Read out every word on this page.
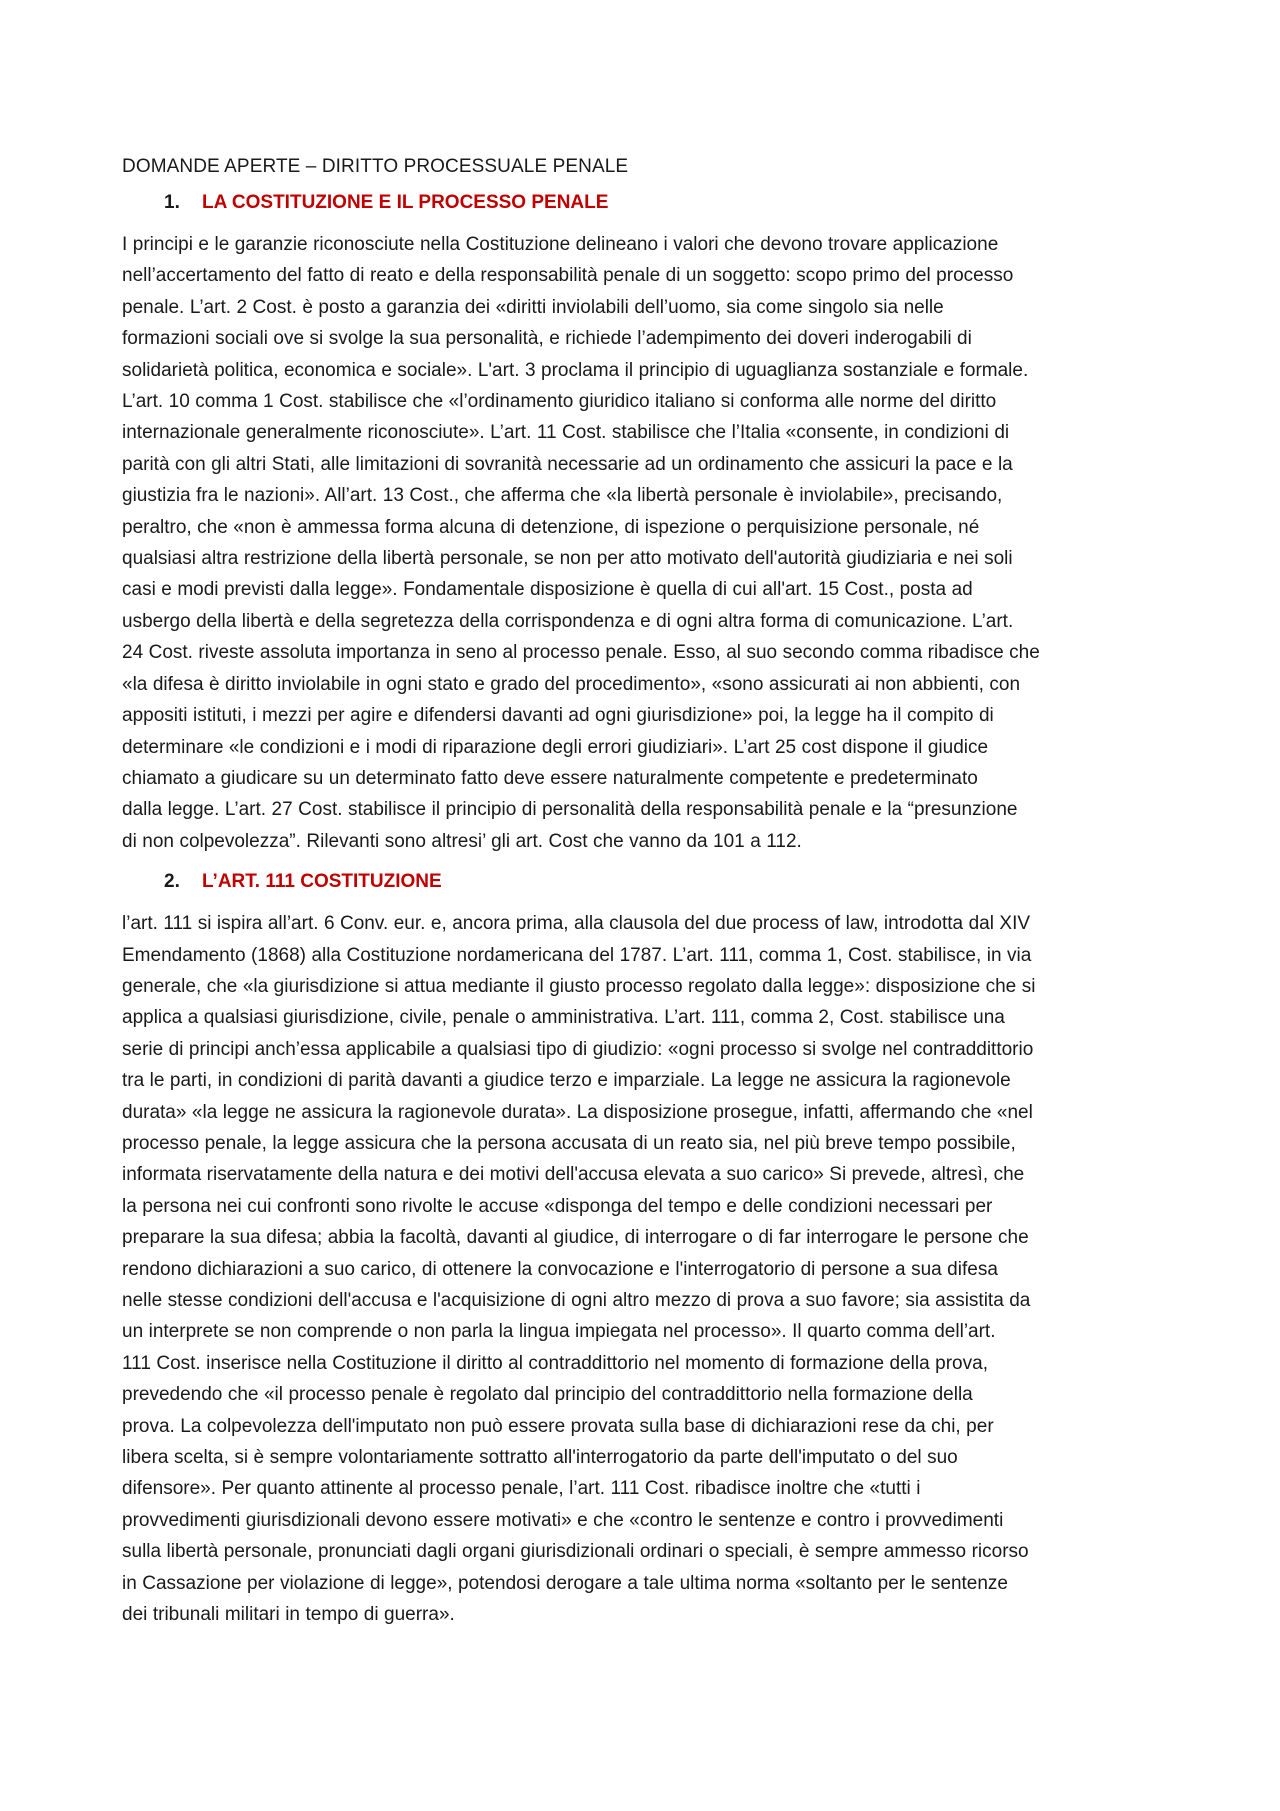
DOMANDE APERTE – DIRITTO PROCESSUALE PENALE
1.	LA COSTITUZIONE E IL PROCESSO PENALE
I principi e le garanzie riconosciute nella Costituzione delineano i valori che devono trovare applicazione
nell’accertamento del fatto di reato e della responsabilità penale di un soggetto: scopo primo del processo
penale. L’art. 2 Cost. è posto a garanzia dei «diritti inviolabili dell’uomo, sia come singolo sia nelle
formazioni sociali ove si svolge la sua personalità, e richiede l’adempimento dei doveri inderogabili di
solidarietà politica, economica e sociale». L'art. 3 proclama il principio di uguaglianza sostanziale e formale.
L’art. 10 comma 1 Cost. stabilisce che «l’ordinamento giuridico italiano si conforma alle norme del diritto
internazionale generalmente riconosciute». L’art. 11 Cost. stabilisce che l’Italia «consente, in condizioni di
parità con gli altri Stati, alle limitazioni di sovranità necessarie ad un ordinamento che assicuri la pace e la
giustizia fra le nazioni». All’art. 13 Cost., che afferma che «la libertà personale è inviolabile», precisando,
peraltro, che «non è ammessa forma alcuna di detenzione, di ispezione o perquisizione personale, né
qualsiasi altra restrizione della libertà personale, se non per atto motivato dell'autorità giudiziaria e nei soli
casi e modi previsti dalla legge». Fondamentale disposizione è quella di cui all'art. 15 Cost., posta ad
usbergo della libertà e della segretezza della corrispondenza e di ogni altra forma di comunicazione. L’art.
24 Cost. riveste assoluta importanza in seno al processo penale. Esso, al suo secondo comma ribadisce che
«la difesa è diritto inviolabile in ogni stato e grado del procedimento», «sono assicurati ai non abbienti, con
appositi istituti, i mezzi per agire e difendersi davanti ad ogni giurisdizione» poi, la legge ha il compito di
determinare «le condizioni e i modi di riparazione degli errori giudiziari». L’art 25 cost dispone il giudice
chiamato a giudicare su un determinato fatto deve essere naturalmente competente e predeterminato
dalla legge. L’art. 27 Cost. stabilisce il principio di personalità della responsabilità penale e la “presunzione
di non colpevolezza”. Rilevanti sono altresi’ gli art. Cost che vanno da 101 a 112.
2.	L’ART. 111 COSTITUZIONE
l’art. 111 si ispira all’art. 6 Conv. eur. e, ancora prima, alla clausola del due process of law, introdotta dal XIV
Emendamento (1868) alla Costituzione nordamericana del 1787. L’art. 111, comma 1, Cost. stabilisce, in via
generale, che «la giurisdizione si attua mediante il giusto processo regolato dalla legge»: disposizione che si
applica a qualsiasi giurisdizione, civile, penale o amministrativa. L’art. 111, comma 2, Cost. stabilisce una
serie di principi anch’essa applicabile a qualsiasi tipo di giudizio: «ogni processo si svolge nel contraddittorio
tra le parti, in condizioni di parità davanti a giudice terzo e imparziale. La legge ne assicura la ragionevole
durata» «la legge ne assicura la ragionevole durata». La disposizione prosegue, infatti, affermando che «nel
processo penale, la legge assicura che la persona accusata di un reato sia, nel più breve tempo possibile,
informata riservatamente della natura e dei motivi dell'accusa elevata a suo carico» Si prevede, altresì, che
la persona nei cui confronti sono rivolte le accuse «disponga del tempo e delle condizioni necessari per
preparare la sua difesa; abbia la facoltà, davanti al giudice, di interrogare o di far interrogare le persone che
rendono dichiarazioni a suo carico, di ottenere la convocazione e l'interrogatorio di persone a sua difesa
nelle stesse condizioni dell'accusa e l'acquisizione di ogni altro mezzo di prova a suo favore; sia assistita da
un interprete se non comprende o non parla la lingua impiegata nel processo». Il quarto comma dell’art.
111 Cost. inserisce nella Costituzione il diritto al contraddittorio nel momento di formazione della prova,
prevedendo che «il processo penale è regolato dal principio del contraddittorio nella formazione della
prova. La colpevolezza dell'imputato non può essere provata sulla base di dichiarazioni rese da chi, per
libera scelta, si è sempre volontariamente sottratto all'interrogatorio da parte dell'imputato o del suo
difensore». Per quanto attinente al processo penale, l’art. 111 Cost. ribadisce inoltre che «tutti i
provvedimenti giurisdizionali devono essere motivati» e che «contro le sentenze e contro i provvedimenti
sulla libertà personale, pronunciati dagli organi giurisdizionali ordinari o speciali, è sempre ammesso ricorso
in Cassazione per violazione di legge», potendosi derogare a tale ultima norma «soltanto per le sentenze
dei tribunali militari in tempo di guerra».
